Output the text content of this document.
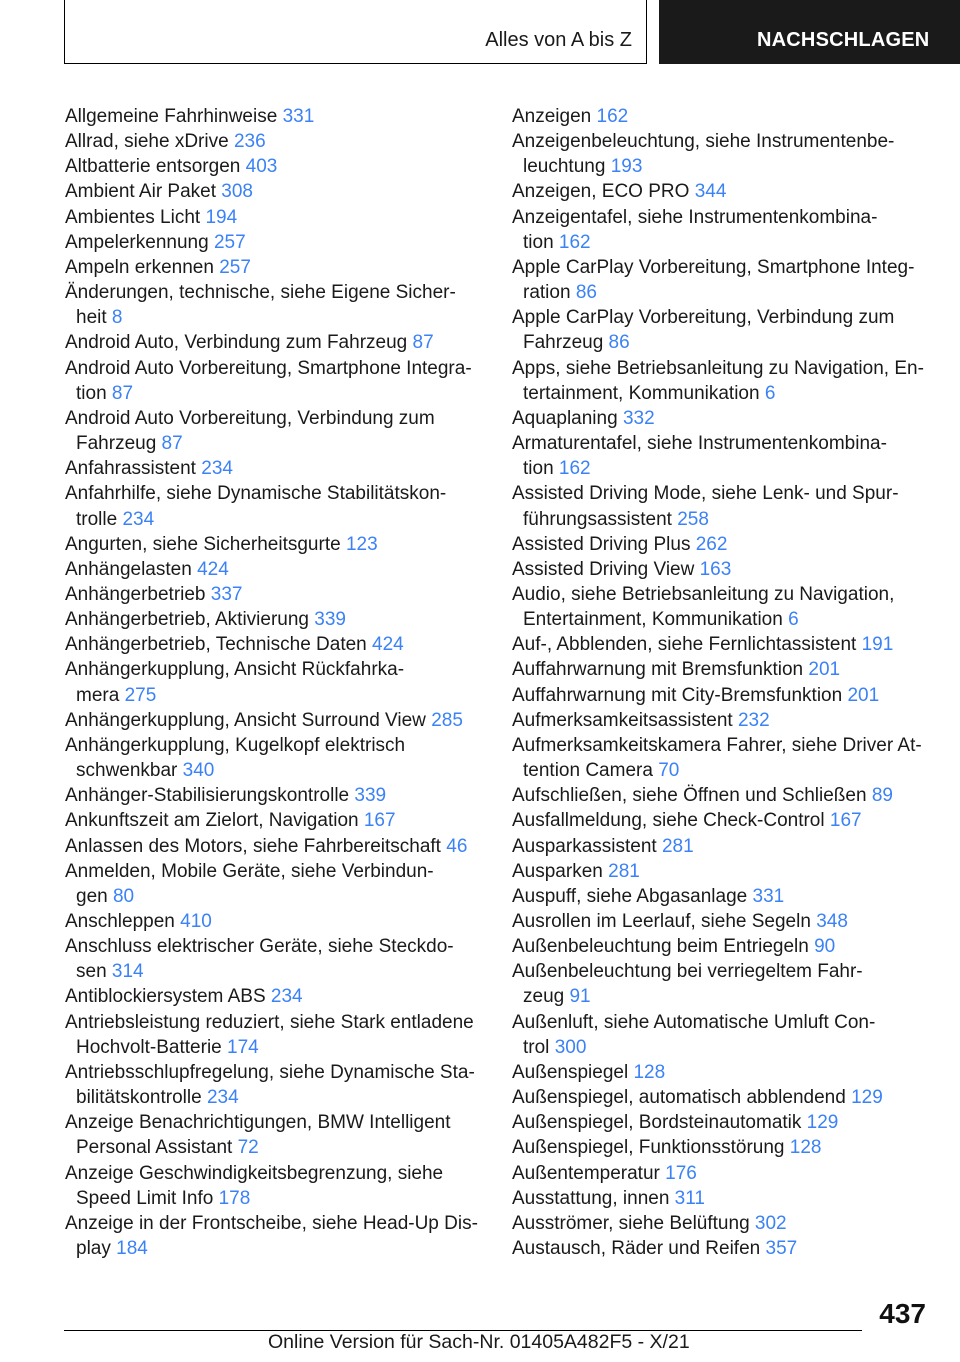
Alles von A bis Z	NACHSCHLAGEN
Allgemeine Fahrhinweise 331
Allrad, siehe xDrive 236
Altbatterie entsorgen 403
Ambient Air Paket 308
Ambientes Licht 194
Ampelerkennung 257
Ampeln erkennen 257
Änderungen, technische, siehe Eigene Sicher-
heit 8
Android Auto, Verbindung zum Fahrzeug 87
Android Auto Vorbereitung, Smartphone Integra-
tion 87
Android Auto Vorbereitung, Verbindung zum
Fahrzeug 87
Anfahrassistent 234
Anfahrhilfe, siehe Dynamische Stabilitätskon-
trolle 234
Angurten, siehe Sicherheitsgurte 123
Anhängelasten 424
Anhängerbetrieb 337
Anhängerbetrieb, Aktivierung 339
Anhängerbetrieb, Technische Daten 424
Anhängerkupplung, Ansicht Rückfahrka-
mera 275
Anhängerkupplung, Ansicht Surround View 285
Anhängerkupplung, Kugelkopf elektrisch
schwenkbar 340
Anhänger-Stabilisierungskontrolle 339
Ankunftszeit am Zielort, Navigation 167
Anlassen des Motors, siehe Fahrbereitschaft 46
Anmelden, Mobile Geräte, siehe Verbindun-
gen 80
Anschleppen 410
Anschluss elektrischer Geräte, siehe Steckdo-
sen 314
Antiblockiersystem ABS 234
Antriebsleistung reduziert, siehe Stark entladene
Hochvolt-Batterie 174
Antriebsschlupfregelung, siehe Dynamische Sta-
bilitätskontrolle 234
Anzeige Benachrichtigungen, BMW Intelligent
Personal Assistant 72
Anzeige Geschwindigkeitsbegrenzung, siehe
Speed Limit Info 178
Anzeige in der Frontscheibe, siehe Head-Up Dis-
play 184
Anzeigen 162
Anzeigenbeleuchtung, siehe Instrumentenbe-
leuchtung 193
Anzeigen, ECO PRO 344
Anzeigentafel, siehe Instrumentenkombina-
tion 162
Apple CarPlay Vorbereitung, Smartphone Integ-
ration 86
Apple CarPlay Vorbereitung, Verbindung zum
Fahrzeug 86
Apps, siehe Betriebsanleitung zu Navigation, En-
tertainment, Kommunikation 6
Aquaplaning 332
Armaturentafel, siehe Instrumentenkombina-
tion 162
Assisted Driving Mode, siehe Lenk- und Spur-
führungsassistent 258
Assisted Driving Plus 262
Assisted Driving View 163
Audio, siehe Betriebsanleitung zu Navigation,
Entertainment, Kommunikation 6
Auf-, Abblenden, siehe Fernlichtassistent 191
Auffahrwarnung mit Bremsfunktion 201
Auffahrwarnung mit City-Bremsfunktion 201
Aufmerksamkeitsassistent 232
Aufmerksamkeitskamera Fahrer, siehe Driver At-
tention Camera 70
Aufschließen, siehe Öffnen und Schließen 89
Ausfallmeldung, siehe Check-Control 167
Ausparkassistent 281
Ausparken 281
Auspuff, siehe Abgasanlage 331
Ausrollen im Leerlauf, siehe Segeln 348
Außenbeleuchtung beim Entriegeln 90
Außenbeleuchtung bei verriegeltem Fahr-
zeug 91
Außenluft, siehe Automatische Umluft Con-
trol 300
Außenspiegel 128
Außenspiegel, automatisch abblendend 129
Außenspiegel, Bordsteinautomatik 129
Außenspiegel, Funktionsstörung 128
Außentemperatur 176
Ausstattung, innen 311
Ausströmer, siehe Belüftung 302
Austausch, Räder und Reifen 357
437
Online Version für Sach-Nr. 01405A482F5 - X/21
